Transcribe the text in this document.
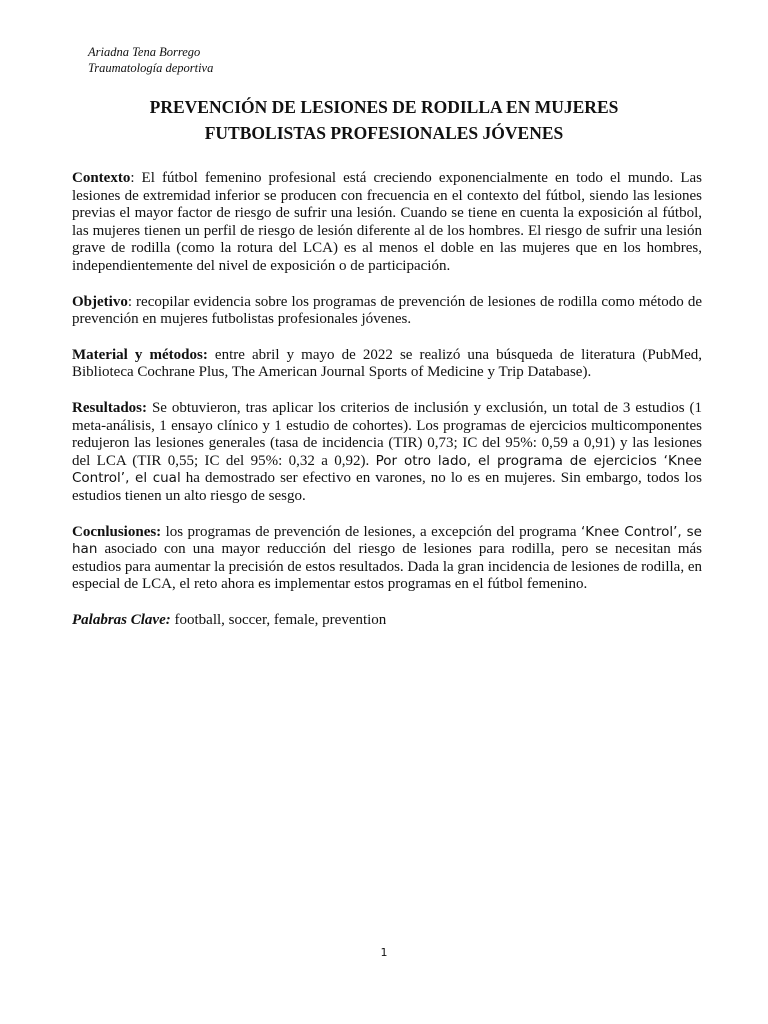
Ariadna Tena Borrego
Traumatología deportiva
PREVENCIÓN DE LESIONES DE RODILLA EN MUJERES
FUTBOLISTAS PROFESIONALES JÓVENES

Contexto: El fútbol femenino profesional está creciendo exponencialmente en todo el mundo. Las lesiones de extremidad inferior se producen con frecuencia en el contexto del fútbol, siendo las lesiones previas el mayor factor de riesgo de sufrir una lesión. Cuando se tiene en cuenta la exposición al fútbol, las mujeres tienen un perfil de riesgo de lesión diferente al de los hombres. El riesgo de sufrir una lesión grave de rodilla (como la rotura del LCA) es al menos el doble en las mujeres que en los hombres, independientemente del nivel de exposición o de participación.

Objetivo: recopilar evidencia sobre los programas de prevención de lesiones de rodilla como método de prevención en mujeres futbolistas profesionales jóvenes.

Material y métodos: entre abril y mayo de 2022 se realizó una búsqueda de literatura (PubMed, Biblioteca Cochrane Plus, The American Journal Sports of Medicine y Trip Database).

Resultados: Se obtuvieron, tras aplicar los criterios de inclusión y exclusión, un total de 3 estudios (1 meta-análisis, 1 ensayo clínico y 1 estudio de cohortes). Los programas de ejercicios multicomponentes redujeron las lesiones generales (tasa de incidencia (TIR) 0,73; IC del 95%: 0,59 a 0,91) y las lesiones del LCA (TIR 0,55; IC del 95%: 0,32 a 0,92). Por otro lado, el programa de ejercicios ‘Knee Control’, el cual ha demostrado ser efectivo en varones, no lo es en mujeres. Sin embargo, todos los estudios tienen un alto riesgo de sesgo.

Cocnlusiones: los programas de prevención de lesiones, a excepción del programa ‘Knee Control’, se han asociado con una mayor reducción del riesgo de lesiones para rodilla, pero se necesitan más estudios para aumentar la precisión de estos resultados. Dada la gran incidencia de lesiones de rodilla, en especial de LCA, el reto ahora es implementar estos programas en el fútbol femenino.

Palabras Clave: football, soccer, female, prevention

1
